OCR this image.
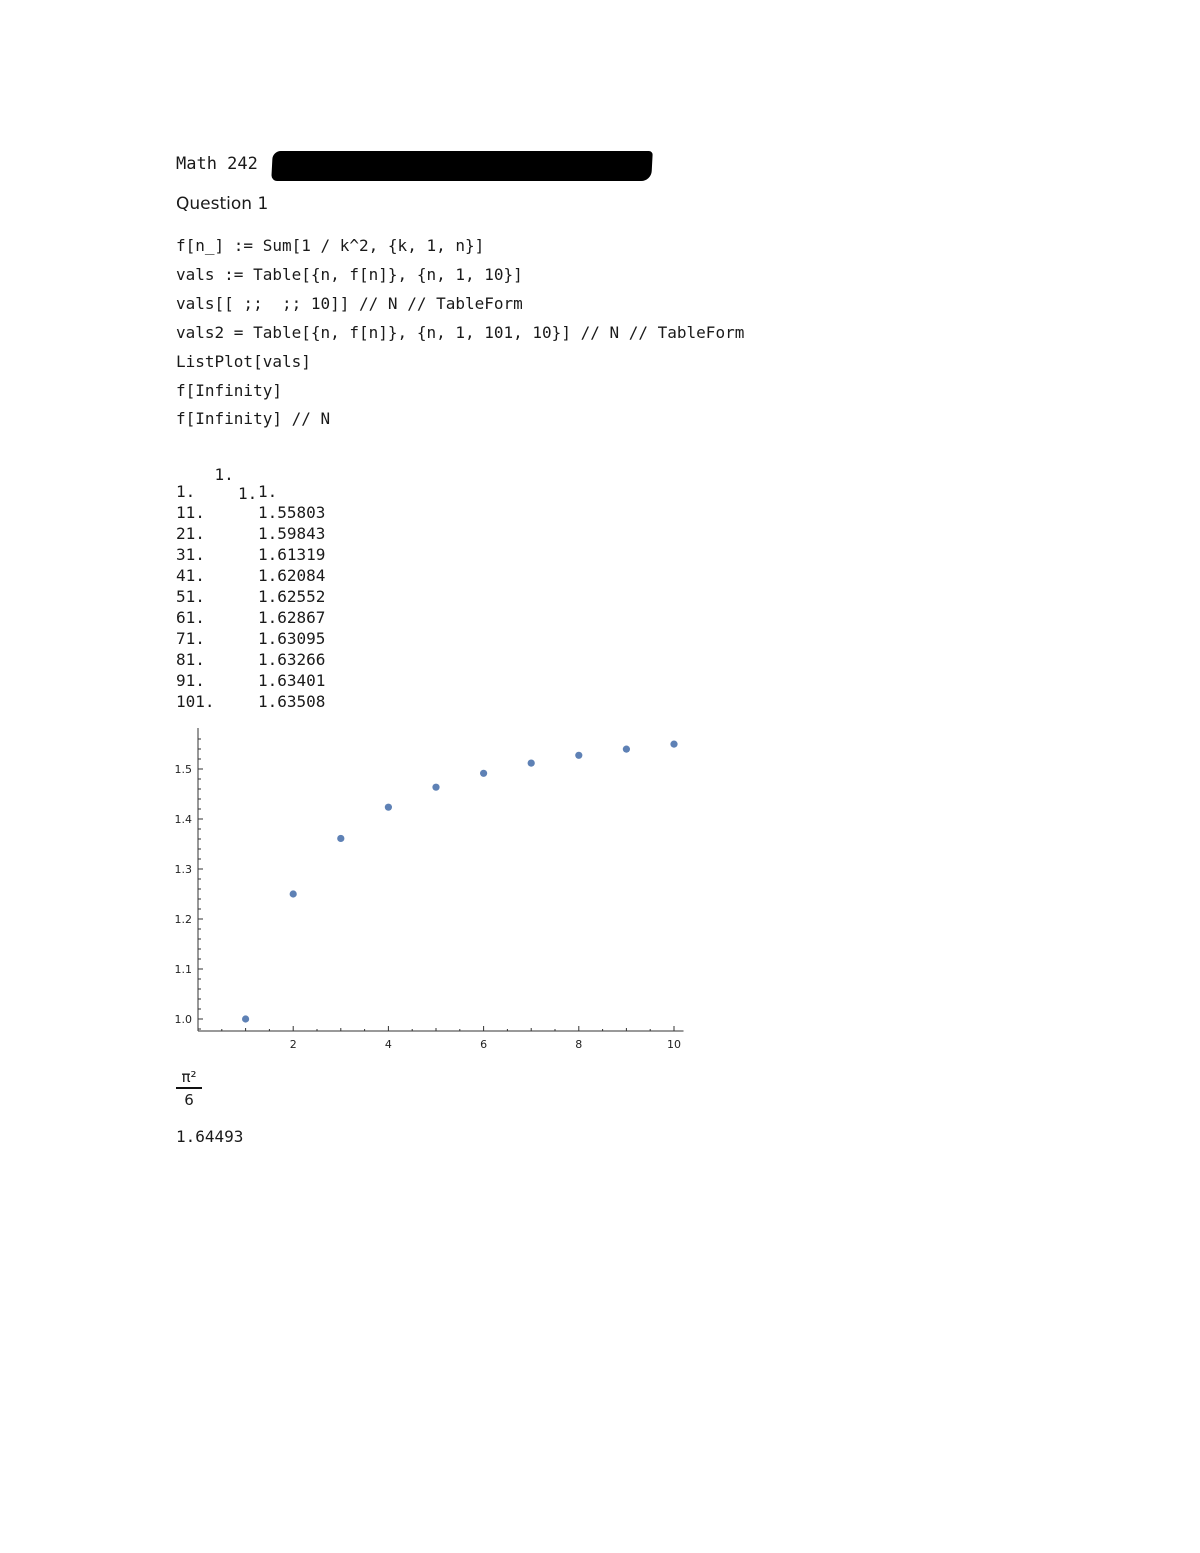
Math 242
Question 1
f[n_] := Sum[1 / k^2, {k, 1, n}]
vals := Table[{n, f[n]}, {n, 1, 10}]
vals[[ ;;  ;; 10]] // N // TableForm
vals2 = Table[{n, f[n]}, {n, 1, 101, 10}] // N // TableForm
ListPlot[vals]
f[Infinity]
f[Infinity] // N

1.

1.

1.	1.
11.	1.55803
21.	1.59843
31.	1.61319
41.	1.62084
51.	1.62552
61.	1.62867
71.	1.63095
81.	1.63266
91.	1.63401
101.	1.63508
2	4	6	8	10
1.0
1.1
1.2
1.3
1.4
1.5
$\frac{\text{π²}}{6}$
1.64493
